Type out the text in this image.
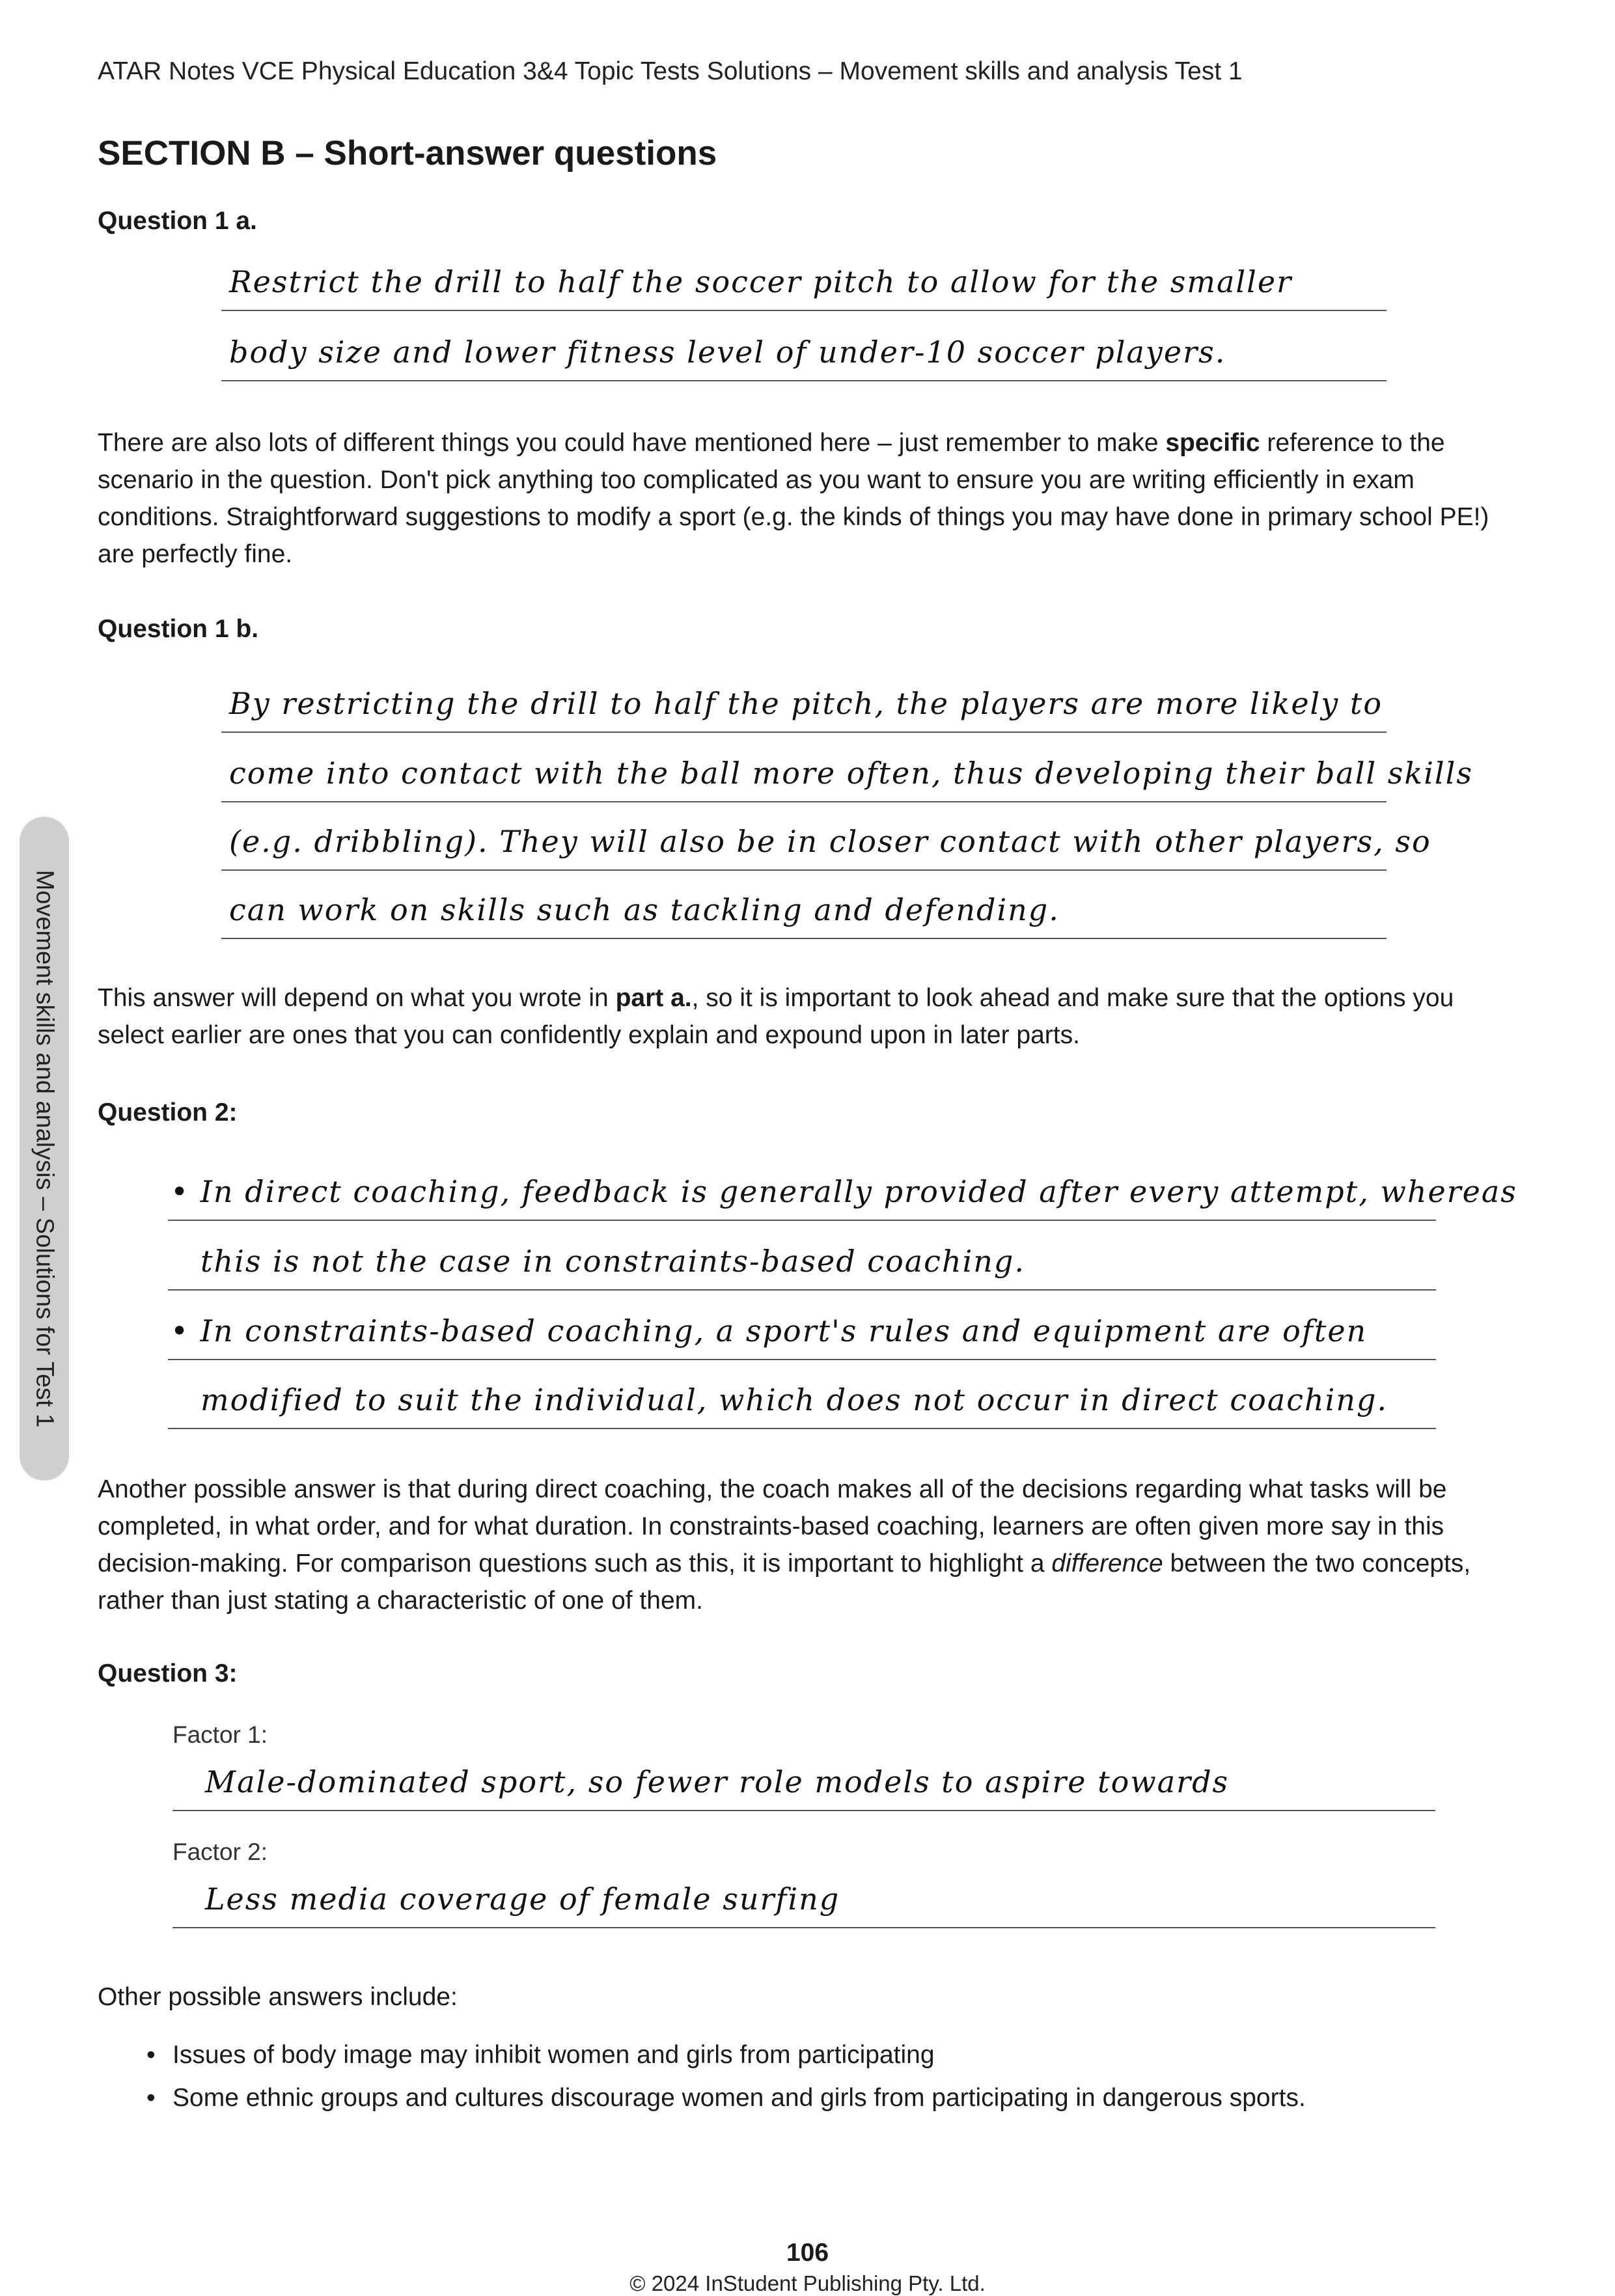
ATAR Notes VCE Physical Education 3&4 Topic Tests Solutions – Movement skills and analysis Test 1
SECTION B – Short-answer questions
Movement skills and analysis – Solutions for Test 1
Question 1 a.
Restrict the drill to half the soccer pitch to allow for the smaller
body size and lower fitness level of under-10 soccer players.
There are also lots of different things you could have mentioned here – just remember to make specific reference to the scenario in the question. Don't pick anything too complicated as you want to ensure you are writing efficiently in exam conditions. Straightforward suggestions to modify a sport (e.g. the kinds of things you may have done in primary school PE!) are perfectly fine.
Question 1 b.
By restricting the drill to half the pitch, the players are more likely to
come into contact with the ball more often, thus developing their ball skills
(e.g. dribbling). They will also be in closer contact with other players, so
can work on skills such as tackling and defending.
This answer will depend on what you wrote in part a., so it is important to look ahead and make sure that the options you select earlier are ones that you can confidently explain and expound upon in later parts.
Question 2:
• In direct coaching, feedback is generally provided after every attempt, whereas
this is not the case in constraints-based coaching.
• In constraints-based coaching, a sport's rules and equipment are often
modified to suit the individual, which does not occur in direct coaching.
Another possible answer is that during direct coaching, the coach makes all of the decisions regarding what tasks will be completed, in what order, and for what duration. In constraints-based coaching, learners are often given more say in this decision-making. For comparison questions such as this, it is important to highlight a difference between the two concepts, rather than just stating a characteristic of one of them.
Question 3:
Factor 1:
Male-dominated sport, so fewer role models to aspire towards
Factor 2:
Less media coverage of female surfing
Other possible answers include:
• Issues of body image may inhibit women and girls from participating
• Some ethnic groups and cultures discourage women and girls from participating in dangerous sports.
106
© 2024 InStudent Publishing Pty. Ltd.
